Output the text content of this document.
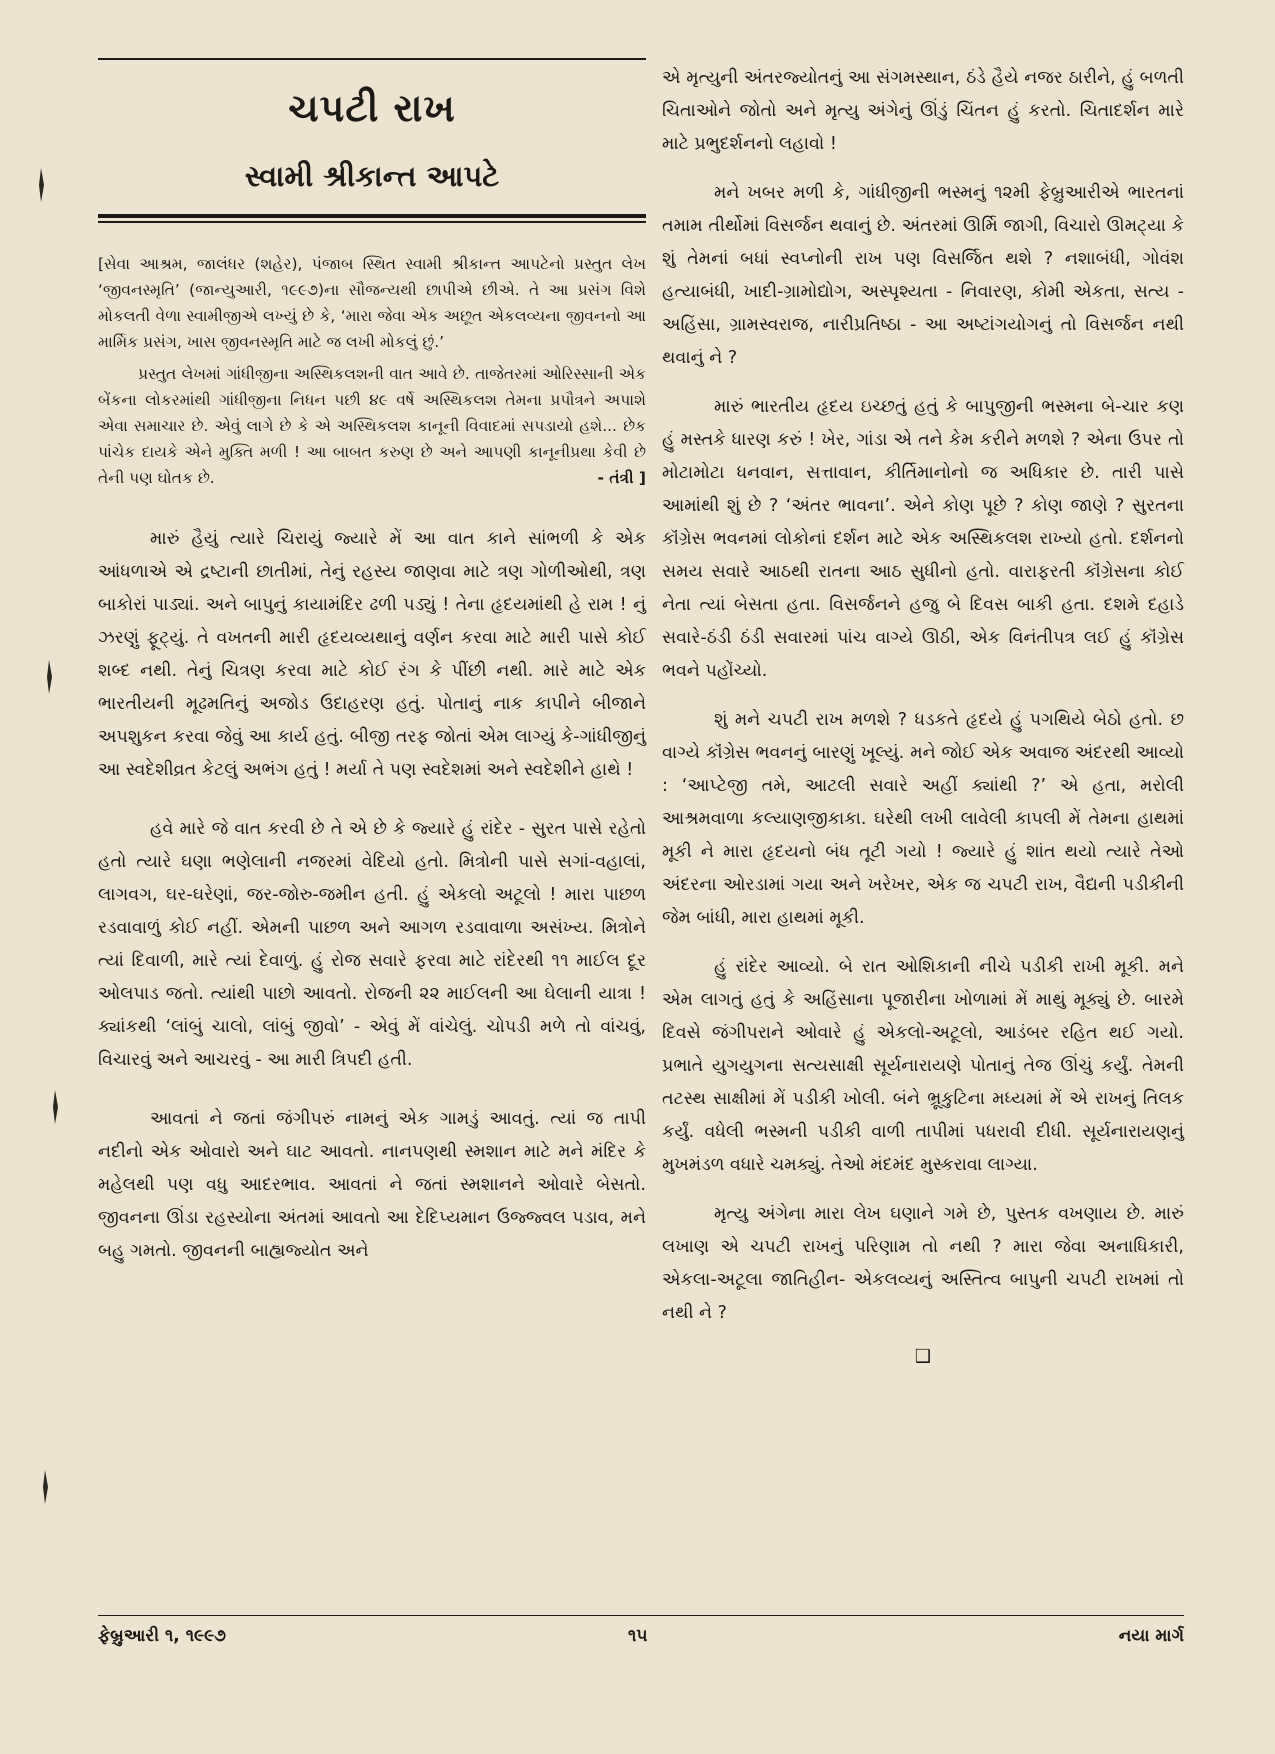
ચપટી રાખ
સ્વામી શ્રીકાન્ત આપટે

[સેવા આશ્રમ, જાલંધર (શહેર), પંજાબ સ્થિત સ્વામી શ્રીકાન્ત આપટેનો પ્રસ્તુત લેખ ‘જીવનસ્મૃતિ’ (જાન્યુઆરી, ૧૯૯૭)ના સૌજન્યથી છાપીએ છીએ. તે આ પ્રસંગ વિશે મોકલતી વેળા સ્વામીજીએ લખ્યું છે કે, ‘મારા જેવા એક અછૂત એકલવ્યના જીવનનો આ માર્મિક પ્રસંગ, ખાસ જીવનસ્મૃતિ માટે જ લખી મોકલું છું.’

પ્રસ્તુત લેખમાં ગાંધીજીના અસ્થિકલશની વાત આવે છે. તાજેતરમાં ઓરિસ્સાની એક બેંકના લોકરમાંથી ગાંધીજીના નિધન પછી ૪૯ વર્ષે અસ્થિકલશ તેમના પ્રપૌત્રને અપાશે એવા સમાચાર છે. એવું લાગે છે કે એ અસ્થિકલશ કાનૂની વિવાદમાં સપડાયો હશે... છેક પાંચેક દાયકે એને મુક્તિ મળી ! આ બાબત કરુણ છે અને આપણી કાનૂનીપ્રથા કેવી છે તેની પણ ઘોતક છે.	- તંત્રી ]

મારું હૈયું ત્યારે ચિરાયું જ્યારે મેં આ વાત કાને સાંભળી કે એક આંધળાએ એ દ્રષ્ટાની છાતીમાં, તેનું રહસ્ય જાણવા માટે ત્રણ ગોળીઓથી, ત્રણ બાકોરાં પાડ્યાં. અને બાપુનું કાયામંદિર ઢળી પડ્યું ! તેના હૃદયમાંથી હે રામ ! નું ઝરણું ફૂટ્યું. તે વખતની મારી હૃદયવ્યથાનું વર્ણન કરવા માટે મારી પાસે કોઈ શબ્દ નથી. તેનું ચિત્રણ કરવા માટે કોઈ રંગ કે પીંછી નથી. મારે માટે એક ભારતીયની મૂઢમતિનું અજોડ ઉદાહરણ હતું. પોતાનું નાક કાપીને બીજાને અપશુકન કરવા જેવું આ કાર્ય હતું. બીજી તરફ જોતાં એમ લાગ્યું કે-ગાંધીજીનું આ સ્વદેશીવ્રત કેટલું અભંગ હતું ! મર્યા તે પણ સ્વદેશમાં અને સ્વદેશીને હાથે !

હવે મારે જે વાત કરવી છે તે એ છે કે જ્યારે હું રાંદેર - સુરત પાસે રહેતો હતો ત્યારે ઘણા ભણેલાની નજરમાં વેદિયો હતો. મિત્રોની પાસે સગાં-વહાલાં, લાગવગ, ઘર-ઘરેણાં, જર-જોરુ-જમીન હતી. હું એકલો અટૂલો ! મારા પાછળ રડવાવાળું કોઈ નહીં. એમની પાછળ અને આગળ રડવાવાળા અસંખ્ય. મિત્રોને ત્યાં દિવાળી, મારે ત્યાં દેવાળું. હું રોજ સવારે ફરવા માટે રાંદેરથી ૧૧ માઈલ દૂર ઓલપાડ જતો. ત્યાંથી પાછો આવતો. રોજની ૨૨ માઈલની આ ઘેલાની યાત્રા ! ક્યાંકથી ‘લાંબું ચાલો, લાંબું જીવો’ - એવું મેં વાંચેલું. ચોપડી મળે તો વાંચવું, વિચારવું અને આચરવું - આ મારી ત્રિપદી હતી.

આવતાં ને જતાં જંગીપરું નામનું એક ગામડું આવતું. ત્યાં જ તાપી નદીનો એક ઓવારો અને ઘાટ આવતો. નાનપણથી સ્મશાન માટે મને મંદિર કે મહેલથી પણ વધુ આદરભાવ. આવતાં ને જતાં સ્મશાનને ઓવારે બેસતો. જીવનના ઊંડા રહસ્યોના અંતમાં આવતો આ દેદિપ્યમાન ઉજ્જ્વલ પડાવ, મને બહુ ગમતો. જીવનની બાહ્યજ્યોત અને

એ મૃત્યુની અંતરજ્યોતનું આ સંગમસ્થાન, ઠંડે હૈયે નજર ઠારીને, હું બળતી ચિતાઓને જોતો અને મૃત્યુ અંગેનું ઊંડું ચિંતન હું કરતો. ચિતાદર્શન મારે માટે પ્રભુદર્શનનો લહાવો !

મને ખબર મળી કે, ગાંધીજીની ભસ્મનું ૧૨મી ફેબ્રુઆરીએ ભારતનાં તમામ તીર્થોમાં વિસર્જન થવાનું છે. અંતરમાં ઊર્મિ જાગી, વિચારો ઊમટ્યા કે શું તેમનાં બધાં સ્વપ્નોની રાખ પણ વિસર્જિત થશે ? નશાબંધી, ગોવંશ હત્યાબંધી, ખાદી-ગ્રામોદ્યોગ, અસ્પૃશ્યતા - નિવારણ, કોમી એકતા, સત્ય - અહિંસા, ગ્રામસ્વરાજ, નારીપ્રતિષ્ઠા - આ અષ્ટાંગયોગનું તો વિસર્જન નથી થવાનું ને ?

મારું ભારતીય હૃદય ઇચ્છતું હતું કે બાપુજીની ભસ્મના બે-ચાર કણ હું મસ્તકે ધારણ કરું ! ખેર, ગાંડા એ તને કેમ કરીને મળશે ? એના ઉપર તો મોટામોટા ધનવાન, સત્તાવાન, કીર્તિમાનોનો જ અધિકાર છે. તારી પાસે આમાંથી શું છે ? ‘અંતર ભાવના’. એને કોણ પૂછે ? કોણ જાણે ? સુરતના કૉંગ્રેસ ભવનમાં લોકોનાં દર્શન માટે એક અસ્થિકલશ રાખ્યો હતો. દર્શનનો સમય સવારે આઠથી રાતના આઠ સુધીનો હતો. વારાફરતી કૉંગ્રેસના કોઈ નેતા ત્યાં બેસતા હતા. વિસર્જનને હજુ બે દિવસ બાકી હતા. દશમે દહાડે સવારે-ઠંડી ઠંડી સવારમાં પાંચ વાગ્યે ઊઠી, એક વિનંતીપત્ર લઈ હું કૉંગ્રેસ ભવને પહોંચ્યો.

શું મને ચપટી રાખ મળશે ? ધડકતે હૃદયે હું પગથિયે બેઠો હતો. છ વાગ્યે કૉંગ્રેસ ભવનનું બારણું ખૂલ્યું. મને જોઈ એક અવાજ અંદરથી આવ્યો : ‘આપ્ટેજી તમે, આટલી સવારે અહીં ક્યાંથી ?’ એ હતા, મરોલી આશ્રમવાળા કલ્યાણજીકાકા. ઘરેથી લખી લાવેલી કાપલી મેં તેમના હાથમાં મૂકી ને મારા હૃદયનો બંધ તૂટી ગયો ! જ્યારે હું શાંત થયો ત્યારે તેઓ અંદરના ઓરડામાં ગયા અને ખરેખર, એક જ ચપટી રાખ, વૈદ્યની પડીકીની જેમ બાંધી, મારા હાથમાં મૂકી.

હું રાંદેર આવ્યો. બે રાત ઓશિકાની નીચે પડીકી રાખી મૂકી. મને એમ લાગતું હતું કે અહિંસાના પૂજારીના ખોળામાં મેં માથું મૂક્યું છે. બારમે દિવસે જંગીપરાને ઓવારે હું એકલો-અટૂલો, આડંબર રહિત થઈ ગયો. પ્રભાતે યુગયુગના સત્યસાક્ષી સૂર્યનારાયણે પોતાનું તેજ ઊંચું કર્યું. તેમની તટસ્થ સાક્ષીમાં મેં પડીકી ખોલી. બંને ભ્રૂકુટિના મધ્યમાં મેં એ રાખનું તિલક કર્યું. વધેલી ભસ્મની પડીકી વાળી તાપીમાં પધરાવી દીધી. સૂર્યનારાયણનું મુખમંડળ વધારે ચમક્યું. તેઓ મંદમંદ મુસ્કરાવા લાગ્યા.

મૃત્યુ અંગેના મારા લેખ ઘણાને ગમે છે, પુસ્તક વખણાય છે. મારું લખાણ એ ચપટી રાખનું પરિણામ તો નથી ? મારા જેવા અનાધિકારી, એકલા-અટૂલા જાતિહીન- એકલવ્યનું અસ્તિત્વ બાપુની ચપટી રાખમાં તો નથી ને ?

❑
ફેબ્રુઆરી ૧, ૧૯૯૭	૧૫	નયા માર્ગ
